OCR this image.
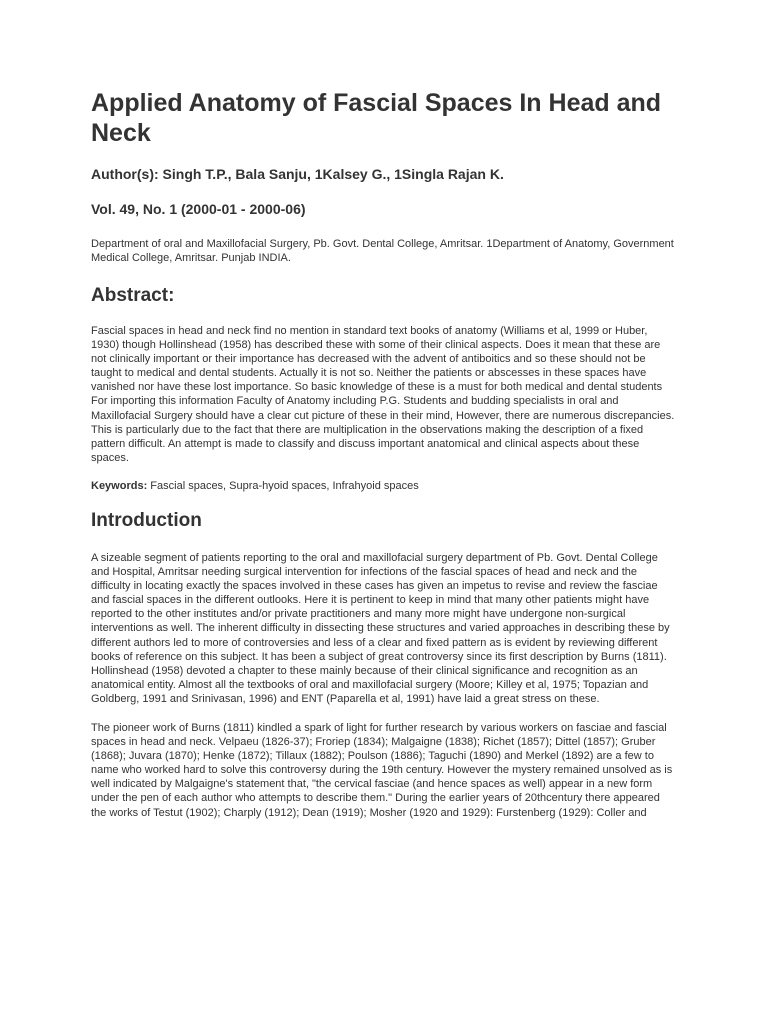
Applied Anatomy of Fascial Spaces In Head and Neck

Author(s): Singh T.P., Bala Sanju, 1Kalsey G., 1Singla Rajan K.

Vol. 49, No. 1 (2000-01 - 2000-06)

Department of oral and Maxillofacial Surgery, Pb. Govt. Dental College, Amritsar. 1Department of Anatomy, Government Medical College, Amritsar. Punjab INDIA.

Abstract:

Fascial spaces in head and neck find no mention in standard text books of anatomy (Williams et al, 1999 or Huber, 1930) though Hollinshead (1958) has described these with some of their clinical aspects. Does it mean that these are not clinically important or their importance has decreased with the advent of antiboitics and so these should not be taught to medical and dental students. Actually it is not so. Neither the patients or abscesses in these spaces have vanished nor have these lost importance. So basic knowledge of these is a must for both medical and dental students For importing this information Faculty of Anatomy including P.G. Students and budding specialists in oral and Maxillofacial Surgery should have a clear cut picture of these in their mind, However, there are numerous discrepancies. This is particularly due to the fact that there are multiplication in the observations making the description of a fixed pattern difficult. An attempt is made to classify and discuss important anatomical and clinical aspects about these spaces.

Keywords: Fascial spaces, Supra-hyoid spaces, Infrahyoid spaces

Introduction

A sizeable segment of patients reporting to the oral and maxillofacial surgery department of Pb. Govt. Dental College and Hospital, Amritsar needing surgical intervention for infections of the fascial spaces of head and neck and the difficulty in locating exactly the spaces involved in these cases has given an impetus to revise and review the fasciae and fascial spaces in the different outlooks. Here it is pertinent to keep in mind that many other patients might have reported to the other institutes and/or private practitioners and many more might have undergone non-surgical interventions as well. The inherent difficulty in dissecting these structures and varied approaches in describing these by different authors led to more of controversies and less of a clear and fixed pattern as is evident by reviewing different books of reference on this subject. It has been a subject of great controversy since its first description by Burns (1811). Hollinshead (1958) devoted a chapter to these mainly because of their clinical significance and recognition as an anatomical entity. Almost all the textbooks of oral and maxillofacial surgery (Moore; Killey et al, 1975; Topazian and Goldberg, 1991 and Srinivasan, 1996) and ENT (Paparella et al, 1991) have laid a great stress on these.

The pioneer work of Burns (1811) kindled a spark of light for further research by various workers on fasciae and fascial spaces in head and neck. Velpaeu (1826-37); Froriep (1834); Malgaigne (1838); Richet (1857); Dittel (1857); Gruber (1868); Juvara (1870); Henke (1872); Tillaux (1882); Poulson (1886); Taguchi (1890) and Merkel (1892) are a few to name who worked hard to solve this controversy during the 19th century. However the mystery remained unsolved as is well indicated by Malgaigne's statement that, "the cervical fasciae (and hence spaces as well) appear in a new form under the pen of each author who attempts to describe them." During the earlier years of 20thcentury there appeared the works of Testut (1902); Charply (1912); Dean (1919); Mosher (1920 and 1929): Furstenberg (1929): Coller and
